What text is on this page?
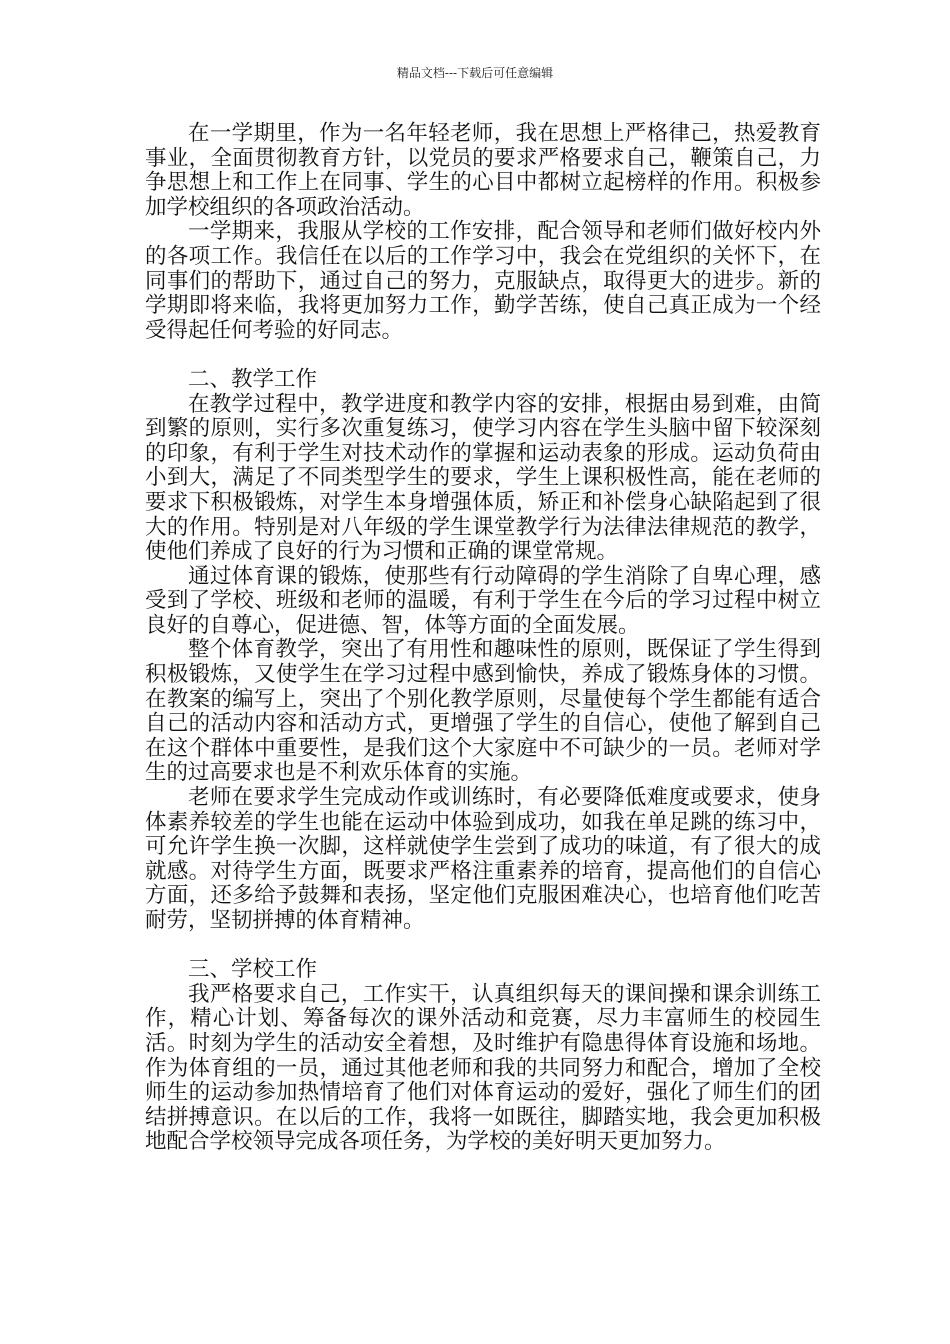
精品文档---下载后可任意编辑

在一学期里，作为一名年轻老师，我在思想上严格律己，热爱教育事业，全面贯彻教育方针，以党员的要求严格要求自己，鞭策自己，力争思想上和工作上在同事、学生的心目中都树立起榜样的作用。积极参加学校组织的各项政治活动。

一学期来，我服从学校的工作安排，配合领导和老师们做好校内外的各项工作。我信任在以后的工作学习中，我会在党组织的关怀下，在同事们的帮助下，通过自己的努力，克服缺点，取得更大的进步。新的学期即将来临，我将更加努力工作，勤学苦练，使自己真正成为一个经受得起任何考验的好同志。

二、教学工作

在教学过程中，教学进度和教学内容的安排，根据由易到难，由简到繁的原则，实行多次重复练习，使学习内容在学生头脑中留下较深刻的印象，有利于学生对技术动作的掌握和运动表象的形成。运动负荷由小到大，满足了不同类型学生的要求，学生上课积极性高，能在老师的要求下积极锻炼，对学生本身增强体质，矫正和补偿身心缺陷起到了很大的作用。特别是对八年级的学生课堂教学行为法律法律规范的教学，使他们养成了良好的行为习惯和正确的课堂常规。

通过体育课的锻炼，使那些有行动障碍的学生消除了自卑心理，感受到了学校、班级和老师的温暖，有利于学生在今后的学习过程中树立良好的自尊心，促进德、智，体等方面的全面发展。

整个体育教学，突出了有用性和趣味性的原则，既保证了学生得到积极锻炼，又使学生在学习过程中感到愉快，养成了锻炼身体的习惯。在教案的编写上，突出了个别化教学原则，尽量使每个学生都能有适合自己的活动内容和活动方式，更增强了学生的自信心，使他了解到自己在这个群体中重要性，是我们这个大家庭中不可缺少的一员。老师对学生的过高要求也是不利欢乐体育的实施。

老师在要求学生完成动作或训练时，有必要降低难度或要求，使身体素养较差的学生也能在运动中体验到成功，如我在单足跳的练习中，可允许学生换一次脚，这样就使学生尝到了成功的味道，有了很大的成就感。对待学生方面，既要求严格注重素养的培育，提高他们的自信心方面，还多给予鼓舞和表扬，坚定他们克服困难决心，也培育他们吃苦耐劳，坚韧拼搏的体育精神。

三、学校工作

我严格要求自己，工作实干，认真组织每天的课间操和课余训练工作，精心计划、筹备每次的课外活动和竞赛，尽力丰富师生的校园生活。时刻为学生的活动安全着想，及时维护有隐患得体育设施和场地。作为体育组的一员，通过其他老师和我的共同努力和配合，增加了全校师生的运动参加热情培育了他们对体育运动的爱好，强化了师生们的团结拼搏意识。在以后的工作，我将一如既往，脚踏实地，我会更加积极地配合学校领导完成各项任务，为学校的美好明天更加努力。
